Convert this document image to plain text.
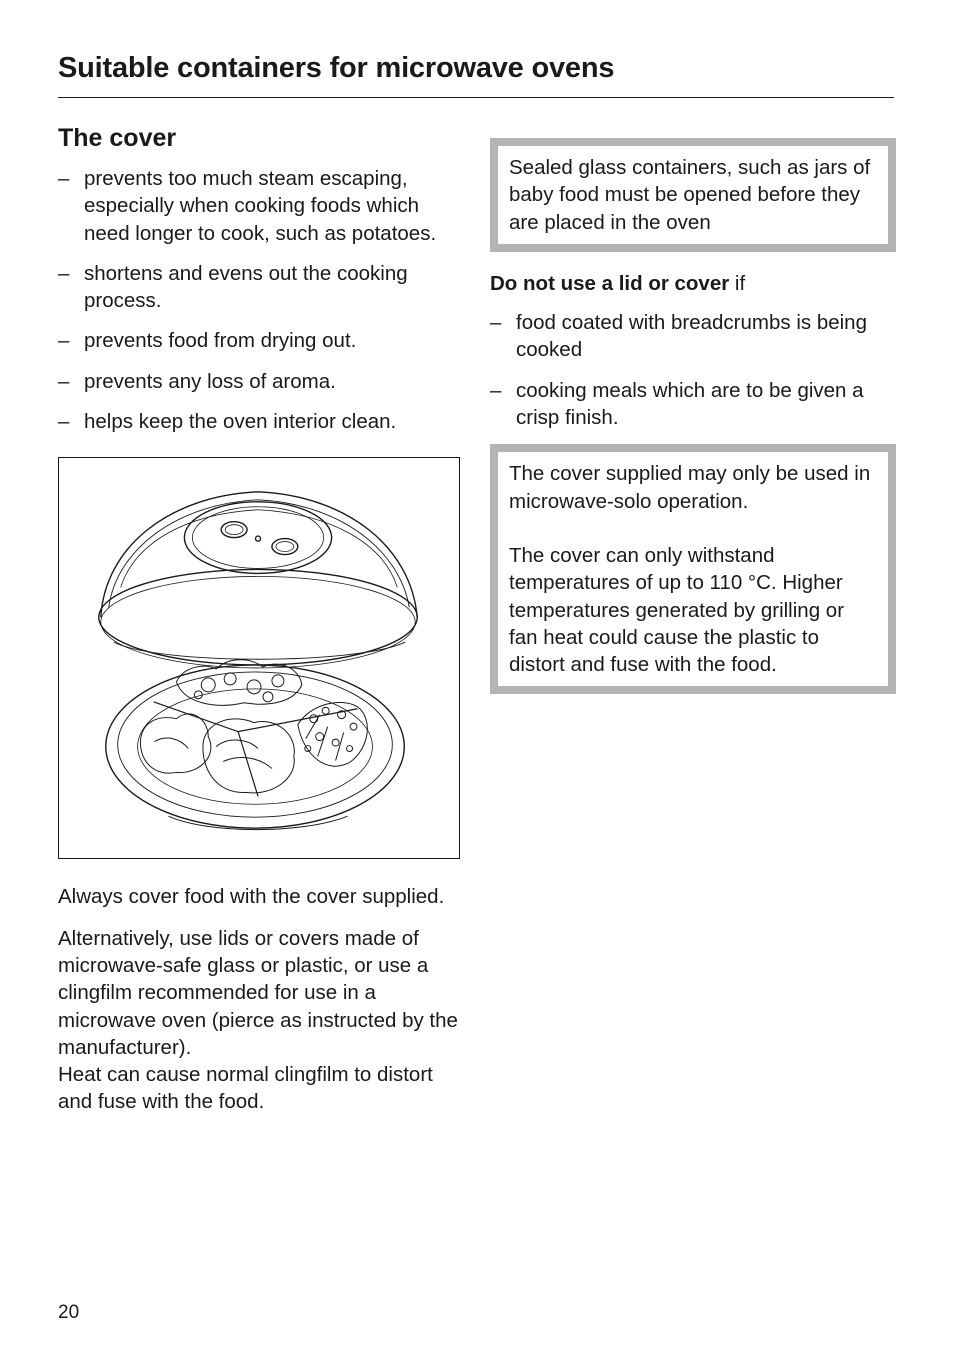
Suitable containers for microwave ovens
The cover
– prevents too much steam escaping, especially when cooking foods which need longer to cook, such as potatoes.
– shortens and evens out the cooking process.
– prevents food from drying out.
– prevents any loss of aroma.
– helps keep the oven interior clean.

Always cover food with the cover supplied.

Alternatively, use lids or covers made of microwave-safe glass or plastic, or use a clingfilm recommended for use in a microwave oven (pierce as instructed by the manufacturer).

Heat can cause normal clingfilm to distort and fuse with the food.

Sealed glass containers, such as jars of baby food must be opened before they are placed in the oven

Do not use a lid or cover if

– food coated with breadcrumbs is being cooked
– cooking meals which are to be given a crisp finish.

The cover supplied may only be used in microwave-solo operation.

The cover can only withstand temperatures of up to 110 °C. Higher temperatures generated by grilling or fan heat could cause the plastic to distort and fuse with the food.

20
